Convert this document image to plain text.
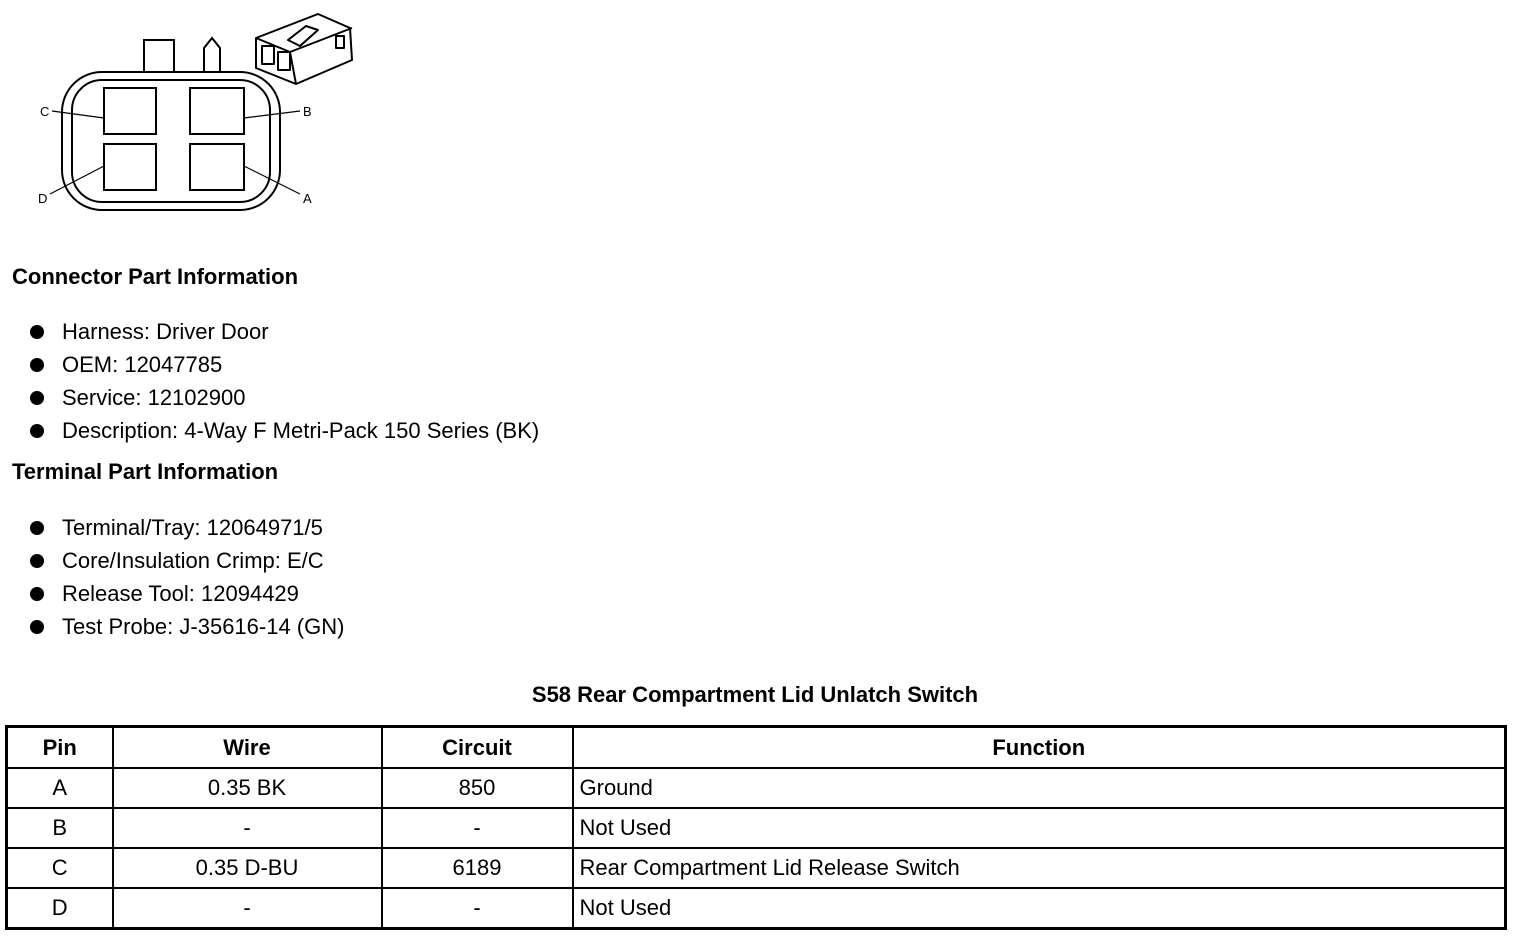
C	B
D	A
Connector Part Information
Harness: Driver Door
OEM: 12047785
Service: 12102900
Description: 4-Way F Metri-Pack 150 Series (BK)
Terminal Part Information
Terminal/Tray: 12064971/5
Core/Insulation Crimp: E/C
Release Tool: 12094429
Test Probe: J-35616-14 (GN)
S58 Rear Compartment Lid Unlatch Switch
Pin	Wire	Circuit	Function
A	0.35 BK	850	Ground
B	-	-	Not Used
C	0.35 D-BU	6189	Rear Compartment Lid Release Switch
D	-	-	Not Used
